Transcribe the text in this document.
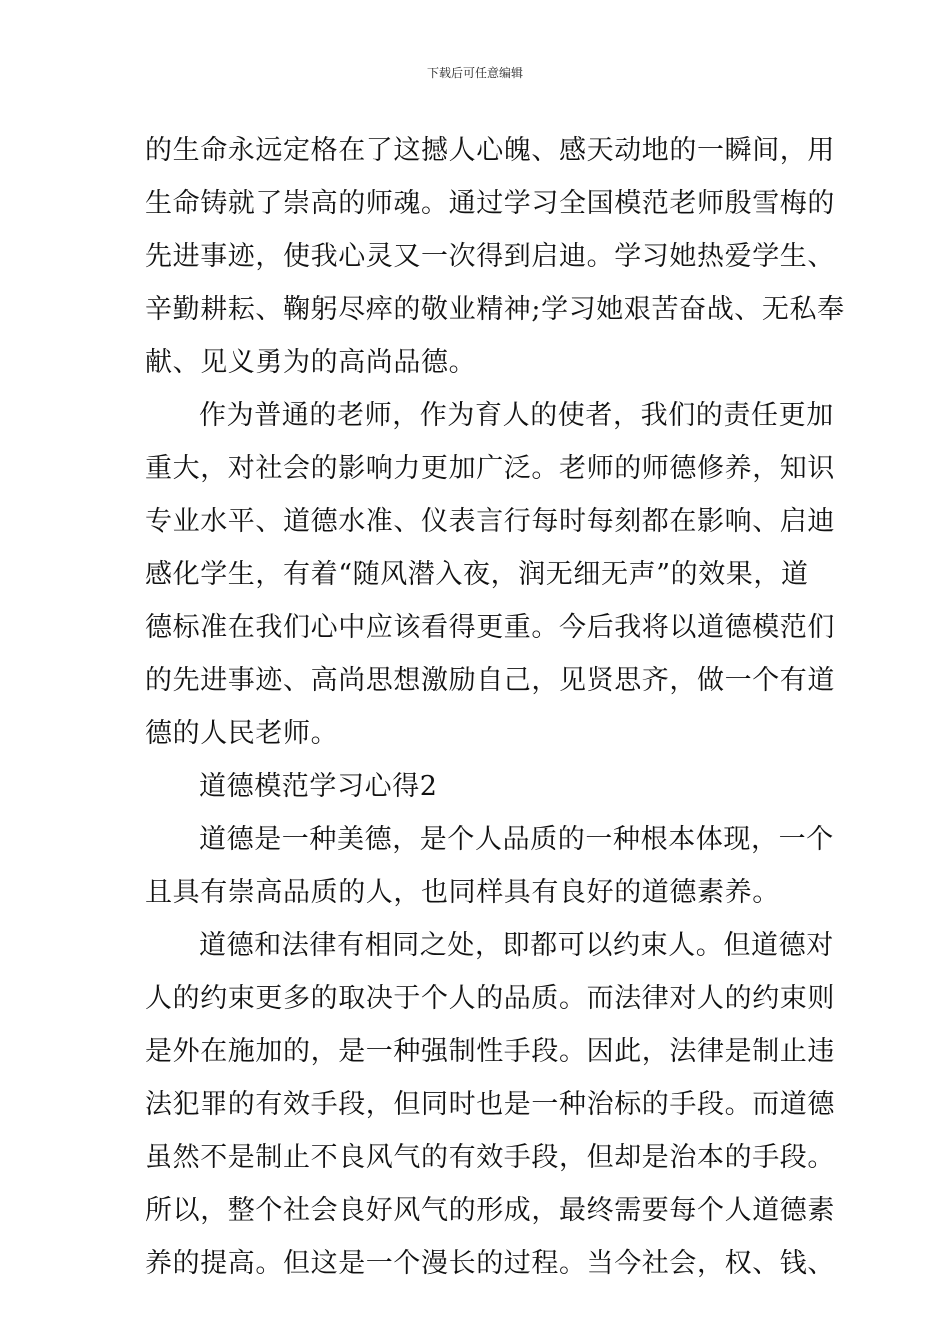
下载后可任意编辑
的生命永远定格在了这撼人心魄、感天动地的一瞬间，用
生命铸就了崇高的师魂。通过学习全国模范老师殷雪梅的
先进事迹，使我心灵又一次得到启迪。学习她热爱学生、
辛勤耕耘、鞠躬尽瘁的敬业精神;学习她艰苦奋战、无私奉
献、见义勇为的高尚品德。
作为普通的老师，作为育人的使者，我们的责任更加
重大，对社会的影响力更加广泛。老师的师德修养，知识
专业水平、道德水准、仪表言行每时每刻都在影响、启迪
感化学生，有着“随风潜入夜，润无细无声”的效果，道
德标准在我们心中应该看得更重。今后我将以道德模范们
的先进事迹、高尚思想激励自己，见贤思齐，做一个有道
德的人民老师。
道德模范学习心得2
道德是一种美德，是个人品质的一种根本体现，一个
且具有崇高品质的人，也同样具有良好的道德素养。
道德和法律有相同之处，即都可以约束人。但道德对
人的约束更多的取决于个人的品质。而法律对人的约束则
是外在施加的，是一种强制性手段。因此，法律是制止违
法犯罪的有效手段，但同时也是一种治标的手段。而道德
虽然不是制止不良风气的有效手段，但却是治本的手段。
所以，整个社会良好风气的形成，最终需要每个人道德素
养的提高。但这是一个漫长的过程。当今社会，权、钱、
